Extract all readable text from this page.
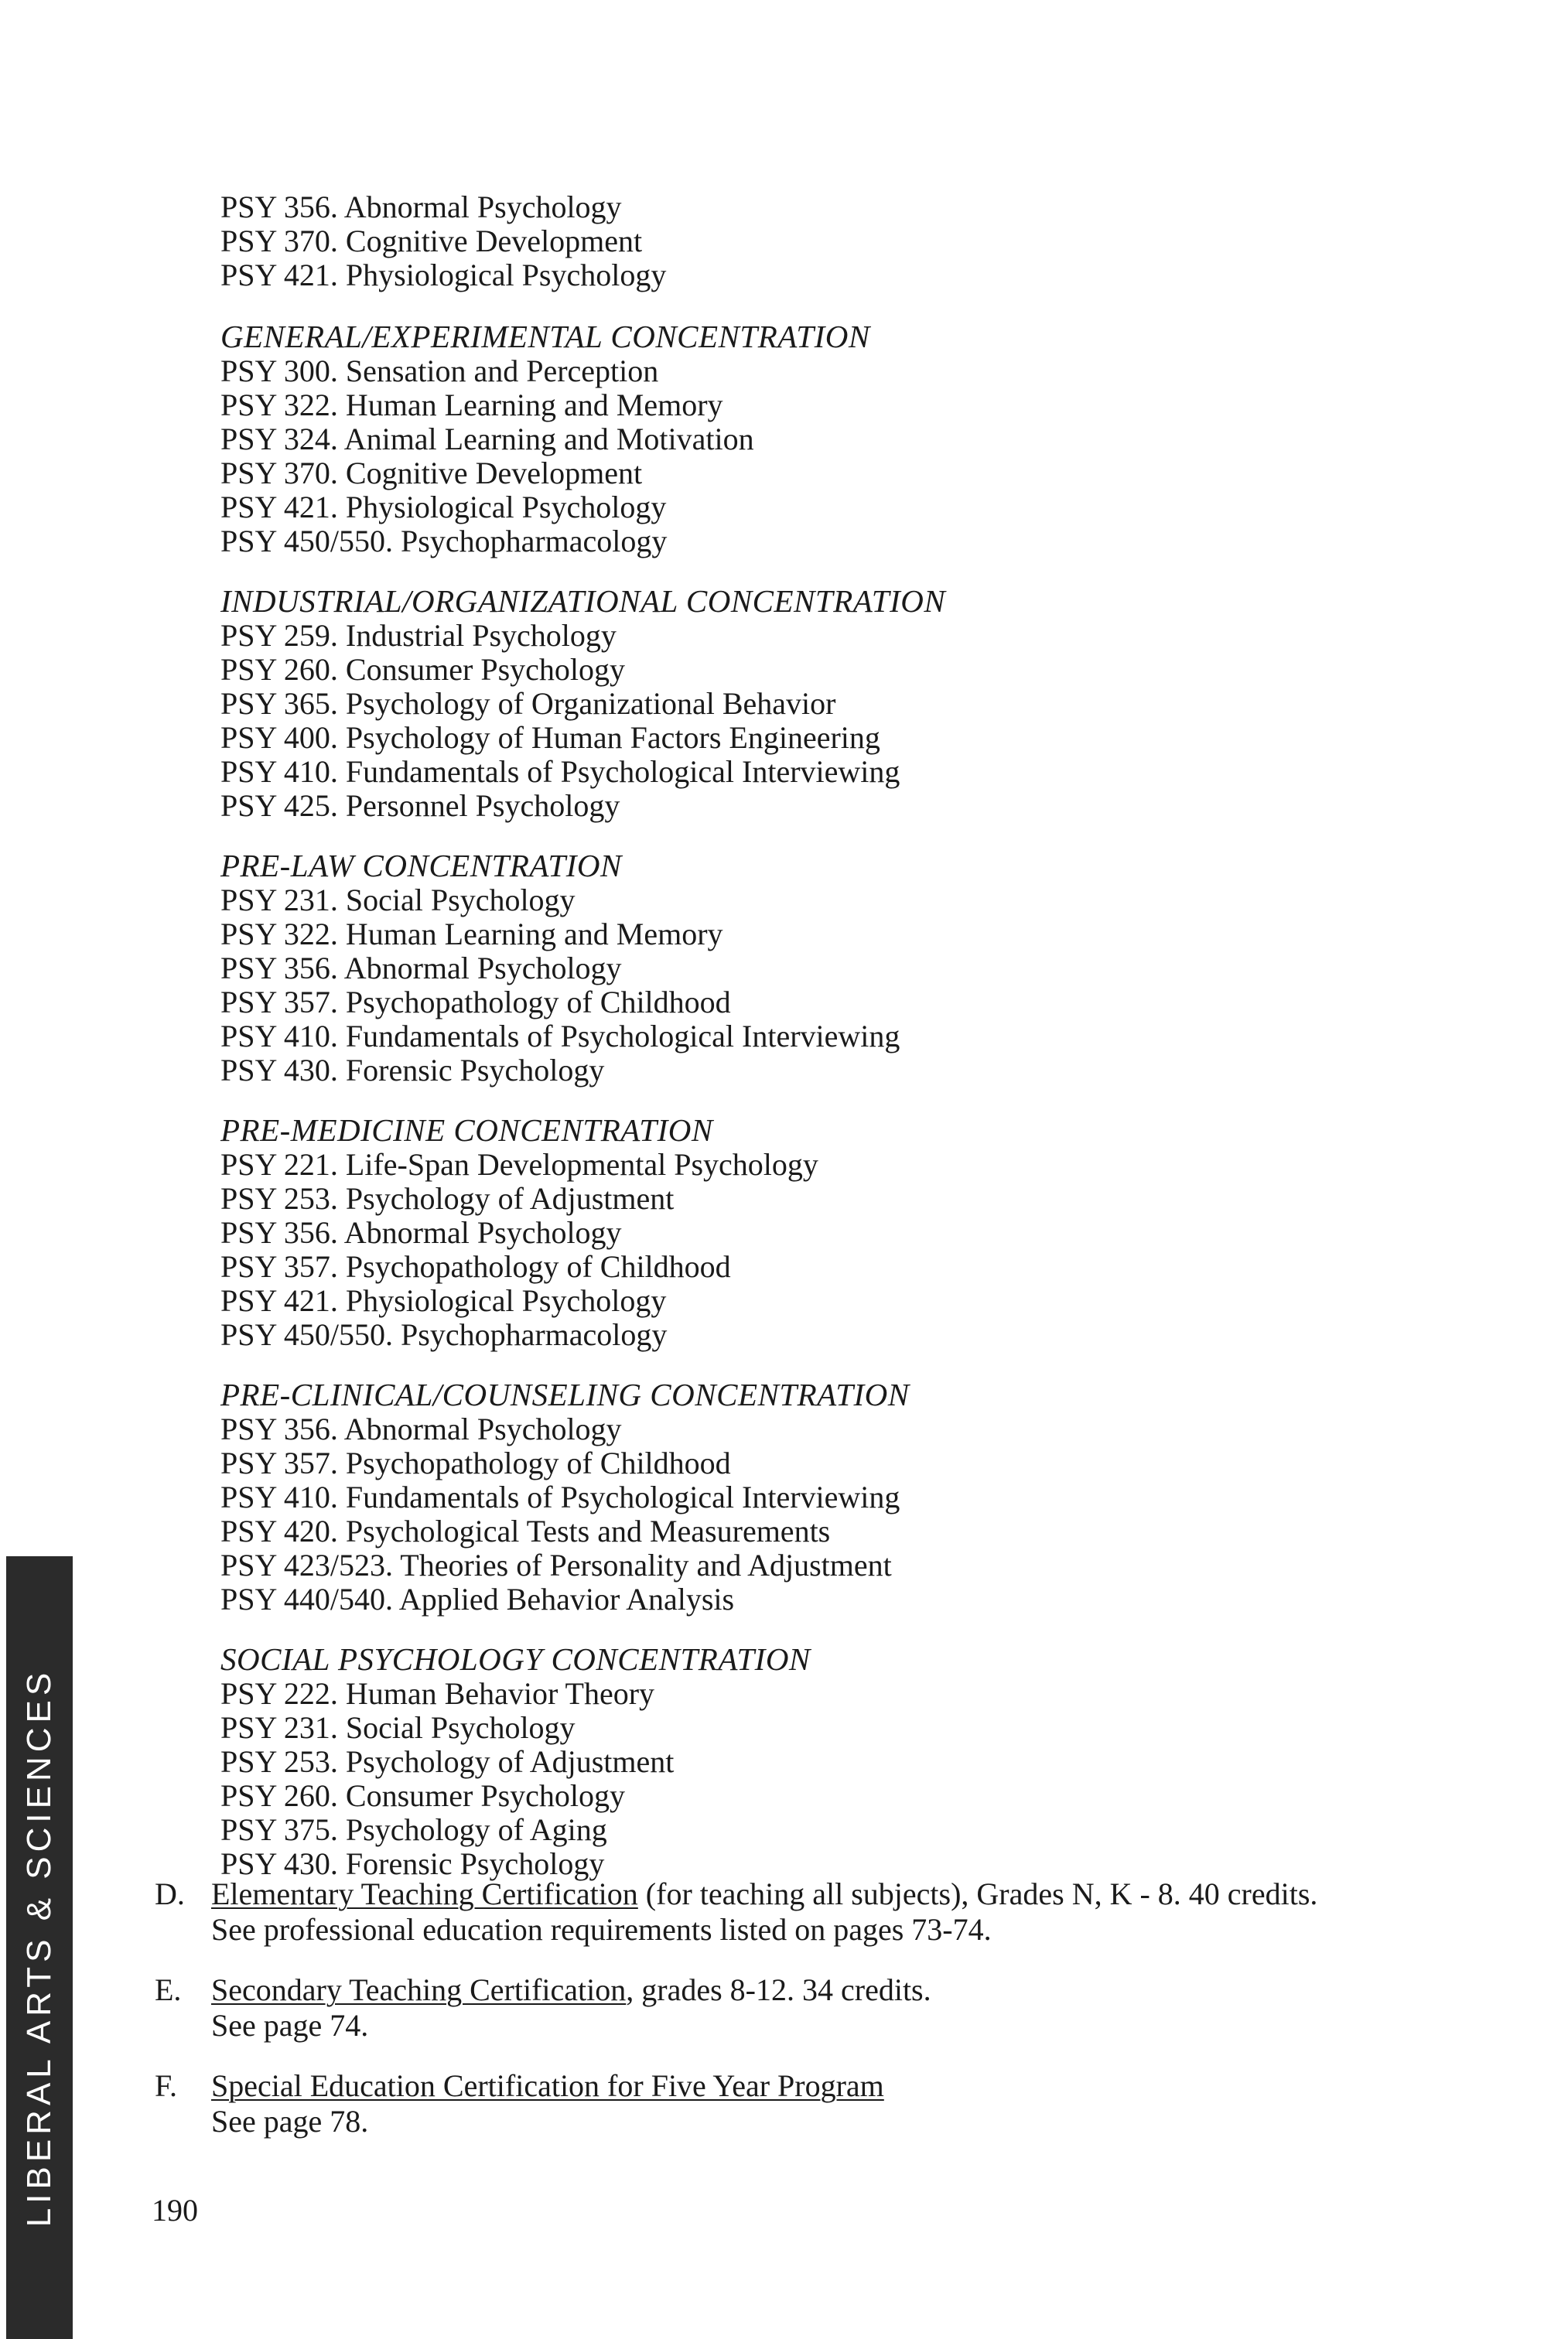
PSY 356. Abnormal Psychology
PSY 370. Cognitive Development
PSY 421. Physiological Psychology
GENERAL/EXPERIMENTAL CONCENTRATION
PSY 300. Sensation and Perception
PSY 322. Human Learning and Memory
PSY 324. Animal Learning and Motivation
PSY 370. Cognitive Development
PSY 421. Physiological Psychology
PSY 450/550. Psychopharmacology
INDUSTRIAL/ORGANIZATIONAL CONCENTRATION
PSY 259. Industrial Psychology
PSY 260. Consumer Psychology
PSY 365. Psychology of Organizational Behavior
PSY 400. Psychology of Human Factors Engineering
PSY 410. Fundamentals of Psychological Interviewing
PSY 425. Personnel Psychology
PRE-LAW CONCENTRATION
PSY 231. Social Psychology
PSY 322. Human Learning and Memory
PSY 356. Abnormal Psychology
PSY 357. Psychopathology of Childhood
PSY 410. Fundamentals of Psychological Interviewing
PSY 430. Forensic Psychology
PRE-MEDICINE CONCENTRATION
PSY 221. Life-Span Developmental Psychology
PSY 253. Psychology of Adjustment
PSY 356. Abnormal Psychology
PSY 357. Psychopathology of Childhood
PSY 421. Physiological Psychology
PSY 450/550. Psychopharmacology
PRE-CLINICAL/COUNSELING CONCENTRATION
PSY 356. Abnormal Psychology
PSY 357. Psychopathology of Childhood
PSY 410. Fundamentals of Psychological Interviewing
PSY 420. Psychological Tests and Measurements
PSY 423/523. Theories of Personality and Adjustment
PSY 440/540. Applied Behavior Analysis
SOCIAL PSYCHOLOGY CONCENTRATION
PSY 222. Human Behavior Theory
PSY 231. Social Psychology
PSY 253. Psychology of Adjustment
PSY 260. Consumer Psychology
PSY 375. Psychology of Aging
PSY 430. Forensic Psychology
D. Elementary Teaching Certification (for teaching all subjects), Grades N, K - 8. 40 credits.
See professional education requirements listed on pages 73-74.
E. Secondary Teaching Certification, grades 8-12. 34 credits.
See page 74.
F. Special Education Certification for Five Year Program
See page 78.
LIBERAL ARTS & SCIENCES	190
